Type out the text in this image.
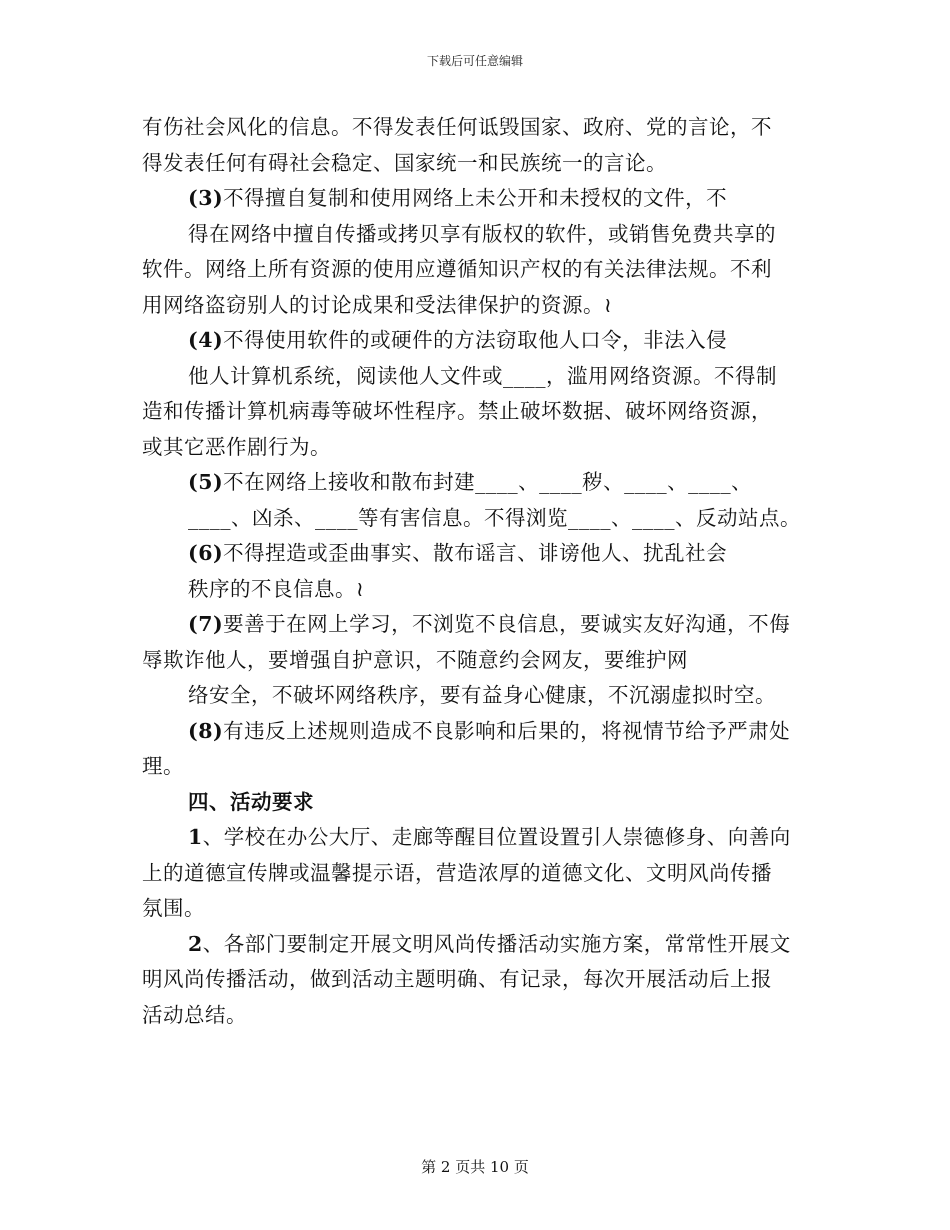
下载后可任意编辑
有伤社会风化的信息。不得发表任何诋毁国家、政府、党的言论，不
得发表任何有碍社会稳定、国家统一和民族统一的言论。
(3)不得擅自复制和使用网络上未公开和未授权的文件，不
得在网络中擅自传播或拷贝享有版权的软件，或销售免费共享的
软件。网络上所有资源的使用应遵循知识产权的有关法律法规。不利
用网络盗窃别人的讨论成果和受法律保护的资源。≀
(4)不得使用软件的或硬件的方法窃取他人口令，非法入侵
他人计算机系统，阅读他人文件或____，滥用网络资源。不得制
造和传播计算机病毒等破坏性程序。禁止破坏数据、破坏网络资源，
或其它恶作剧行为。
(5)不在网络上接收和散布封建____、____秽、____、____、
____、凶杀、____等有害信息。不得浏览____、____、反动站点。
(6)不得捏造或歪曲事实、散布谣言、诽谤他人、扰乱社会
秩序的不良信息。≀
(7)要善于在网上学习，不浏览不良信息，要诚实友好沟通，不侮
辱欺诈他人，要增强自护意识，不随意约会网友，要维护网
络安全，不破坏网络秩序，要有益身心健康，不沉溺虚拟时空。
(8)有违反上述规则造成不良影响和后果的，将视情节给予严肃处
理。
四、活动要求
1、学校在办公大厅、走廊等醒目位置设置引人崇德修身、向善向
上的道德宣传牌或温馨提示语，营造浓厚的道德文化、文明风尚传播
氛围。
2、各部门要制定开展文明风尚传播活动实施方案，常常性开展文
明风尚传播活动，做到活动主题明确、有记录，每次开展活动后上报
活动总结。
第 2 页共 10 页
